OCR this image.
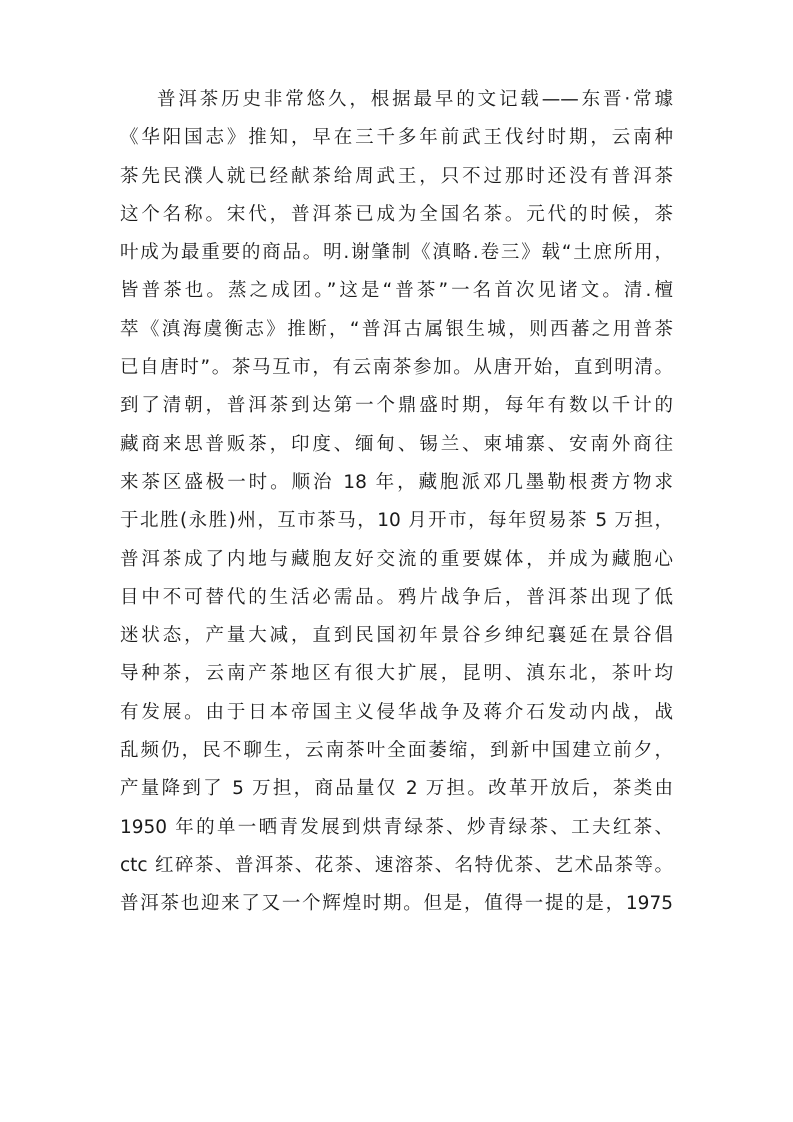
普洱茶历史非常悠久，根据最早的文记载——东晋·常璩
《华阳国志》推知，早在三千多年前武王伐纣时期，云南种
茶先民濮人就已经献茶给周武王，只不过那时还没有普洱茶
这个名称。宋代，普洱茶已成为全国名茶。元代的时候，茶
叶成为最重要的商品。明.谢肇制《滇略.卷三》载“土庶所用，
皆普茶也。蒸之成团。”这是“普茶”一名首次见诸文。清.檀
萃《滇海虞衡志》推断，“普洱古属银生城，则西蕃之用普茶
已自唐时”。茶马互市，有云南茶参加。从唐开始，直到明清。
到了清朝，普洱茶到达第一个鼎盛时期，每年有数以千计的
藏商来思普贩茶，印度、缅甸、锡兰、柬埔寨、安南外商往
来茶区盛极一时。顺治 18 年，藏胞派邓几墨勒根赉方物求
于北胜(永胜)州，互市茶马，10 月开市，每年贸易茶 5 万担，
普洱茶成了内地与藏胞友好交流的重要媒体，并成为藏胞心
目中不可替代的生活必需品。鸦片战争后，普洱茶出现了低
迷状态，产量大减，直到民国初年景谷乡绅纪襄延在景谷倡
导种茶，云南产茶地区有很大扩展，昆明、滇东北，茶叶均
有发展。由于日本帝国主义侵华战争及蒋介石发动内战，战
乱频仍，民不聊生，云南茶叶全面萎缩，到新中国建立前夕，
产量降到了 5 万担，商品量仅 2 万担。改革开放后，茶类由
1950 年的单一晒青发展到烘青绿茶、炒青绿茶、工夫红茶、
ctc 红碎茶、普洱茶、花茶、速溶茶、名特优茶、艺术品茶等。
普洱茶也迎来了又一个辉煌时期。但是，值得一提的是，1975
